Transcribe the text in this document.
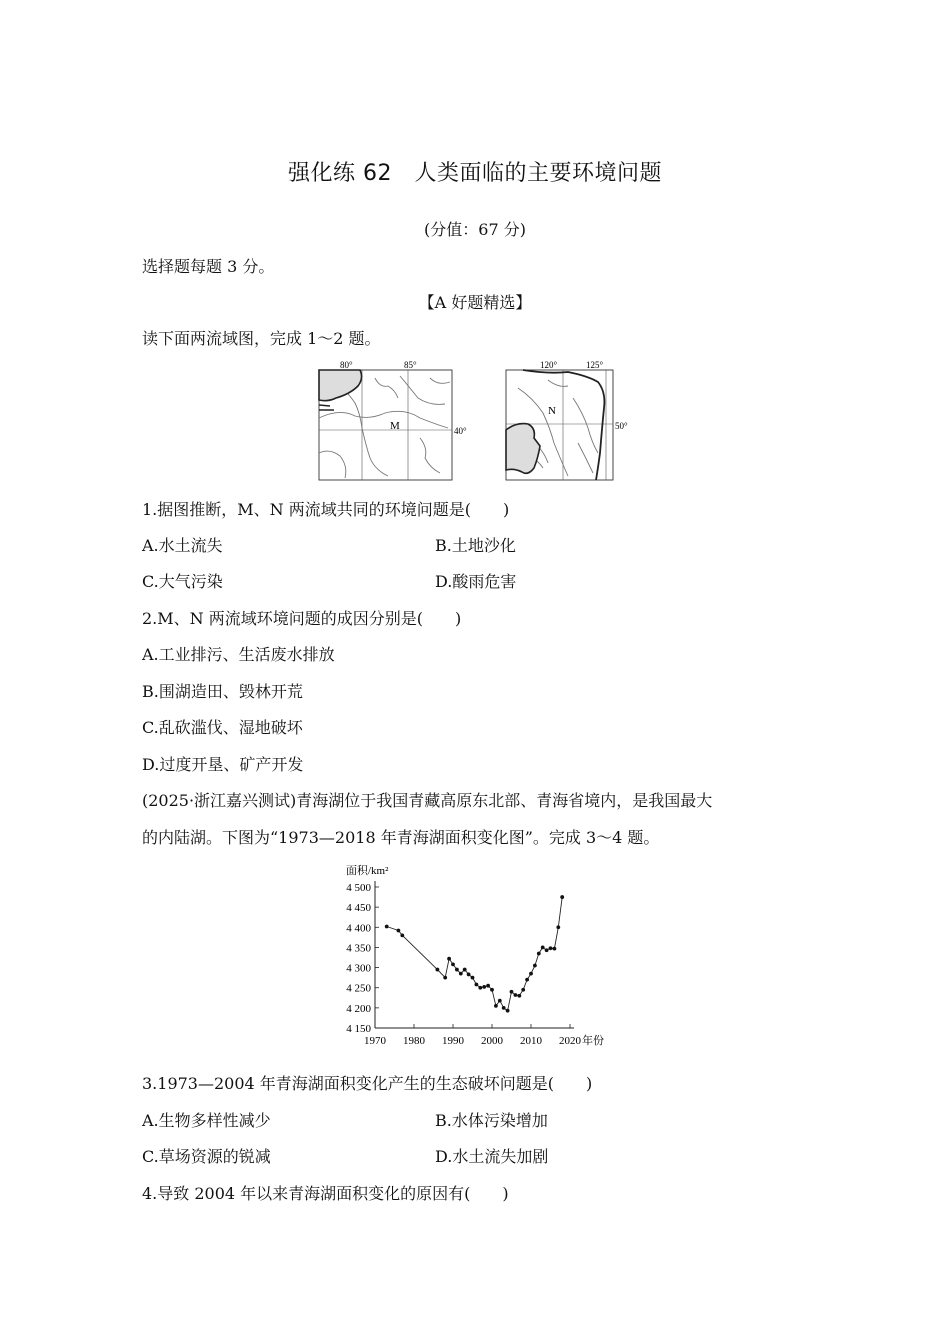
强化练 62　人类面临的主要环境问题
(分值：67 分)
选择题每题 3 分。
【A 好题精选】
读下面两流域图，完成 1～2 题。
80°	85°
40°
M
120°	125°
50°
N
1.据图推断，M、N 两流域共同的环境问题是(　　)
A.水土流失	B.土地沙化
C.大气污染	D.酸雨危害
2.M、N 两流域环境问题的成因分别是(　　)
A.工业排污、生活废水排放
B.围湖造田、毁林开荒
C.乱砍滥伐、湿地破坏
D.过度开垦、矿产开发
(2025·浙江嘉兴测试)青海湖位于我国青藏高原东北部、青海省境内，是我国最大
的内陆湖。下图为“1973—2018 年青海湖面积变化图”。完成 3～4 题。
面积/km²
年份
4 150
4 200
4 250
4 300
4 350
4 400
4 450
4 500
1970 1980 1990 2000 2010 2020
3.1973—2004 年青海湖面积变化产生的生态破坏问题是(　　)
A.生物多样性减少	B.水体污染增加
C.草场资源的锐减	D.水土流失加剧
4.导致 2004 年以来青海湖面积变化的原因有(　　)
